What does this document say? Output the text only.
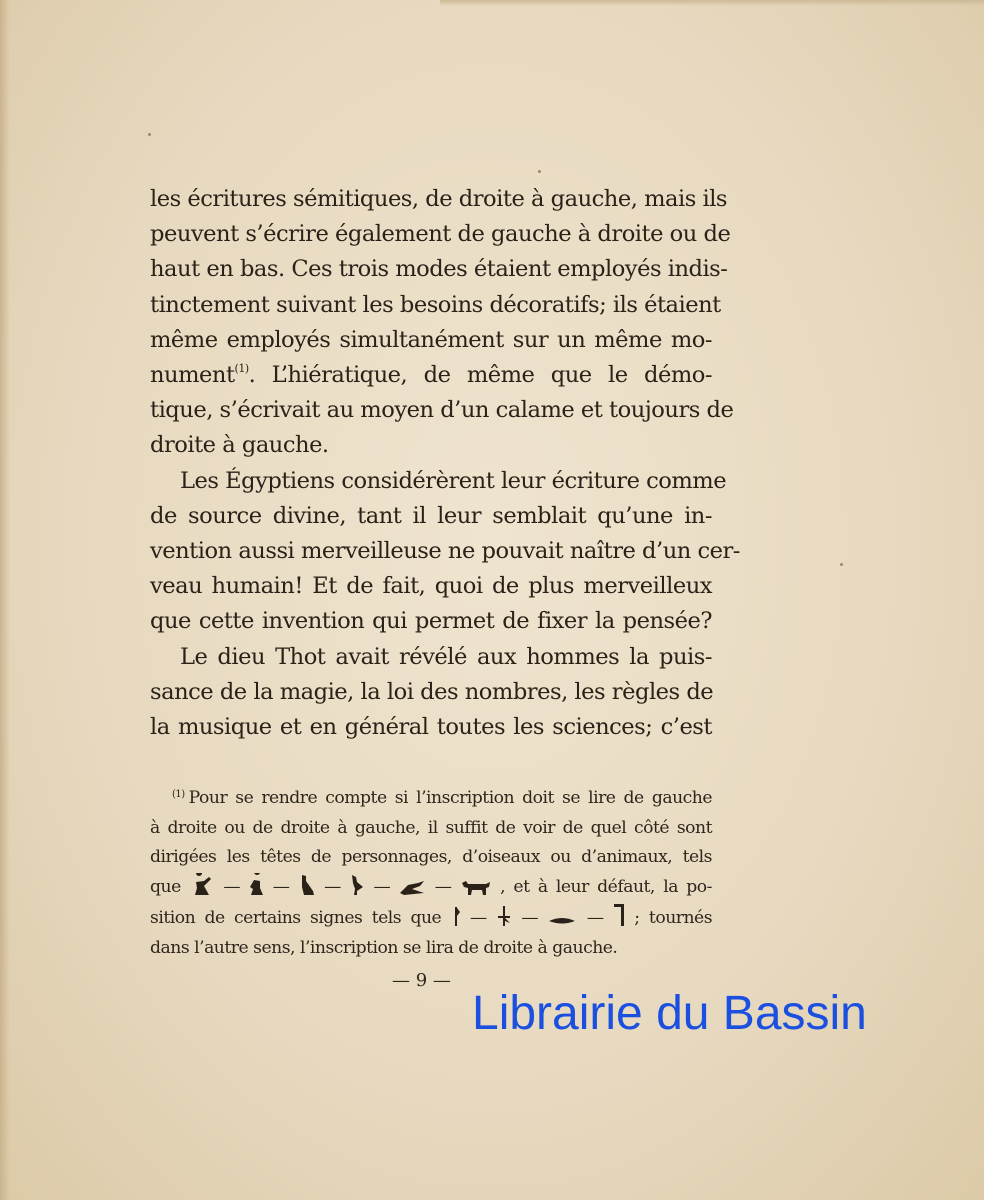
les écritures sémitiques, de droite à gauche, mais ils
peuvent s’écrire également de gauche à droite ou de
haut en bas. Ces trois modes étaient employés indis-
tinctement suivant les besoins décoratifs; ils étaient
même employés simultanément sur un même mo-
nument$^{(1)}$. L’hiératique, de même que le démo-
tique, s’écrivait au moyen d’un calame et toujours de
droite à gauche.
Les Égyptiens considérèrent leur écriture comme
de source divine, tant il leur semblait qu’une in-
vention aussi merveilleuse ne pouvait naître d’un cer-
veau humain! Et de fait, quoi de plus merveilleux
que cette invention qui permet de fixer la pensée?
Le dieu Thot avait révélé aux hommes la puis-
sance de la magie, la loi des nombres, les règles de
la musique et en général toutes les sciences; c’est
$^{(1)}$ Pour se rendre compte si l’inscription doit se lire de gauche
à droite ou de droite à gauche, il suffit de voir de quel côté sont
dirigées les têtes de personnages, d’oiseaux ou d’animaux, tels
que — — — —	—	, et à leur défaut, la po-
sition de certains signes tels que — —	— ; tournés
dans l’autre sens, l’inscription se lira de droite à gauche.
— 9 —
Librairie du Bassin
